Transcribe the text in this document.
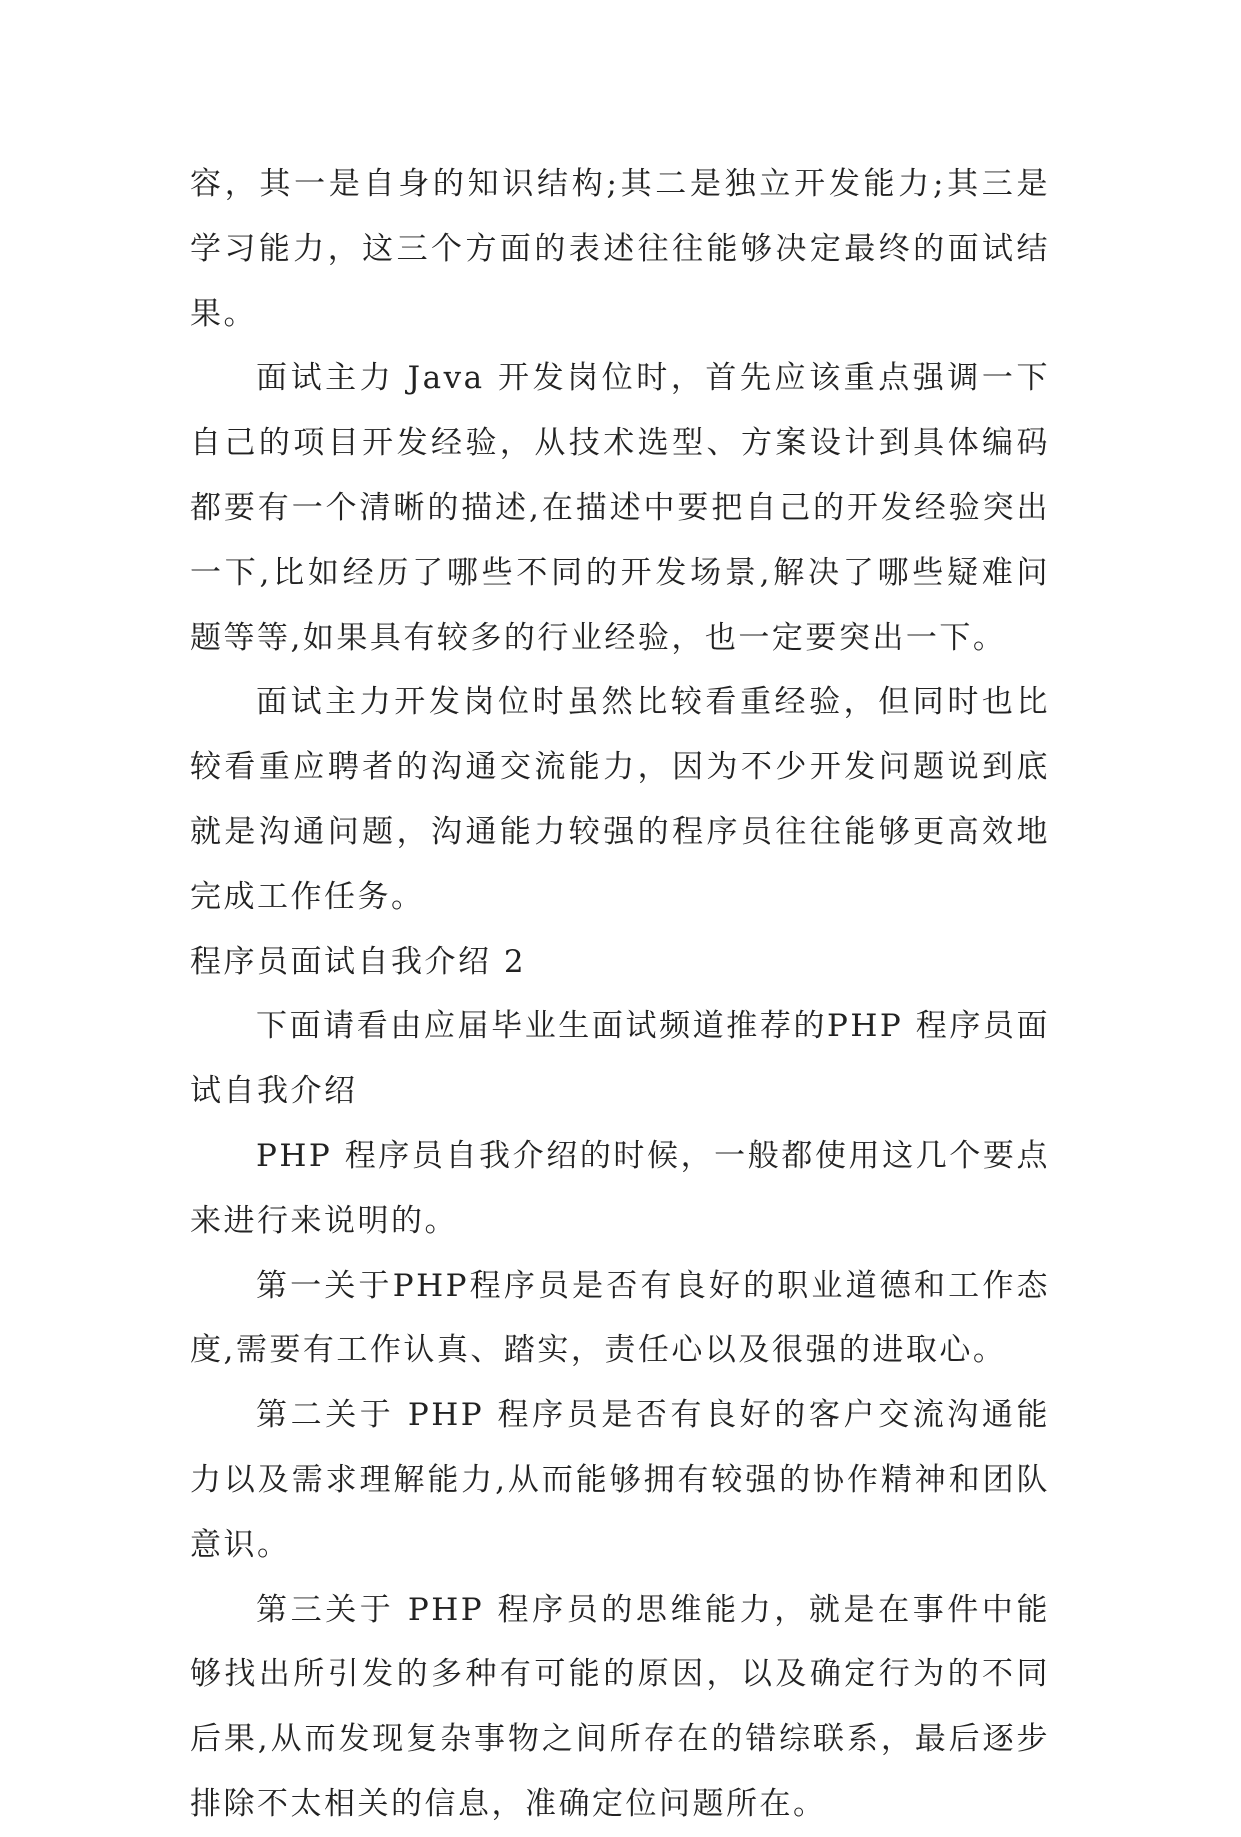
容，其一是自身的知识结构;其二是独立开发能力;其三是学习能力，这三个方面的表述往往能够决定最终的面试结果。

面试主力 Java 开发岗位时，首先应该重点强调一下自己的项目开发经验，从技术选型、方案设计到具体编码都要有一个清晰的描述,在描述中要把自己的开发经验突出一下,比如经历了哪些不同的开发场景,解决了哪些疑难问题等等,如果具有较多的行业经验，也一定要突出一下。

面试主力开发岗位时虽然比较看重经验，但同时也比较看重应聘者的沟通交流能力，因为不少开发问题说到底就是沟通问题，沟通能力较强的程序员往往能够更高效地完成工作任务。

程序员面试自我介绍 2

下面请看由应届毕业生面试频道推荐的PHP 程序员面试自我介绍

PHP 程序员自我介绍的时候，一般都使用这几个要点来进行来说明的。

第一关于PHP程序员是否有良好的职业道德和工作态度,需要有工作认真、踏实，责任心以及很强的进取心。

第二关于 PHP 程序员是否有良好的客户交流沟通能力以及需求理解能力,从而能够拥有较强的协作精神和团队意识。

第三关于 PHP 程序员的思维能力，就是在事件中能够找出所引发的多种有可能的原因，以及确定行为的不同后果,从而发现复杂事物之间所存在的错综联系，最后逐步排除不太相关的信息，准确定位问题所在。
